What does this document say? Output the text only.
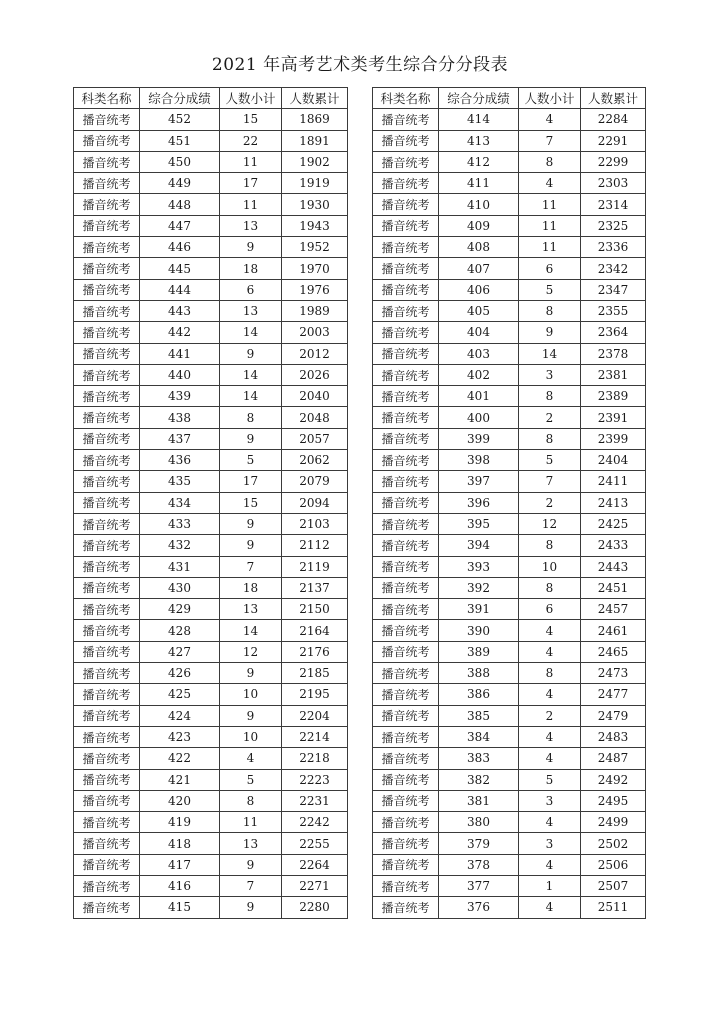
2021 年高考艺术类考生综合分分段表
科类名称	综合分成绩	人数小计	人数累计
播音统考	452	15	1869
播音统考	451	22	1891
播音统考	450	11	1902
播音统考	449	17	1919
播音统考	448	11	1930
播音统考	447	13	1943
播音统考	446	9	1952
播音统考	445	18	1970
播音统考	444	6	1976
播音统考	443	13	1989
播音统考	442	14	2003
播音统考	441	9	2012
播音统考	440	14	2026
播音统考	439	14	2040
播音统考	438	8	2048
播音统考	437	9	2057
播音统考	436	5	2062
播音统考	435	17	2079
播音统考	434	15	2094
播音统考	433	9	2103
播音统考	432	9	2112
播音统考	431	7	2119
播音统考	430	18	2137
播音统考	429	13	2150
播音统考	428	14	2164
播音统考	427	12	2176
播音统考	426	9	2185
播音统考	425	10	2195
播音统考	424	9	2204
播音统考	423	10	2214
播音统考	422	4	2218
播音统考	421	5	2223
播音统考	420	8	2231
播音统考	419	11	2242
播音统考	418	13	2255
播音统考	417	9	2264
播音统考	416	7	2271
播音统考	415	9	2280
科类名称	综合分成绩	人数小计	人数累计
播音统考	414	4	2284
播音统考	413	7	2291
播音统考	412	8	2299
播音统考	411	4	2303
播音统考	410	11	2314
播音统考	409	11	2325
播音统考	408	11	2336
播音统考	407	6	2342
播音统考	406	5	2347
播音统考	405	8	2355
播音统考	404	9	2364
播音统考	403	14	2378
播音统考	402	3	2381
播音统考	401	8	2389
播音统考	400	2	2391
播音统考	399	8	2399
播音统考	398	5	2404
播音统考	397	7	2411
播音统考	396	2	2413
播音统考	395	12	2425
播音统考	394	8	2433
播音统考	393	10	2443
播音统考	392	8	2451
播音统考	391	6	2457
播音统考	390	4	2461
播音统考	389	4	2465
播音统考	388	8	2473
播音统考	386	4	2477
播音统考	385	2	2479
播音统考	384	4	2483
播音统考	383	4	2487
播音统考	382	5	2492
播音统考	381	3	2495
播音统考	380	4	2499
播音统考	379	3	2502
播音统考	378	4	2506
播音统考	377	1	2507
播音统考	376	4	2511
